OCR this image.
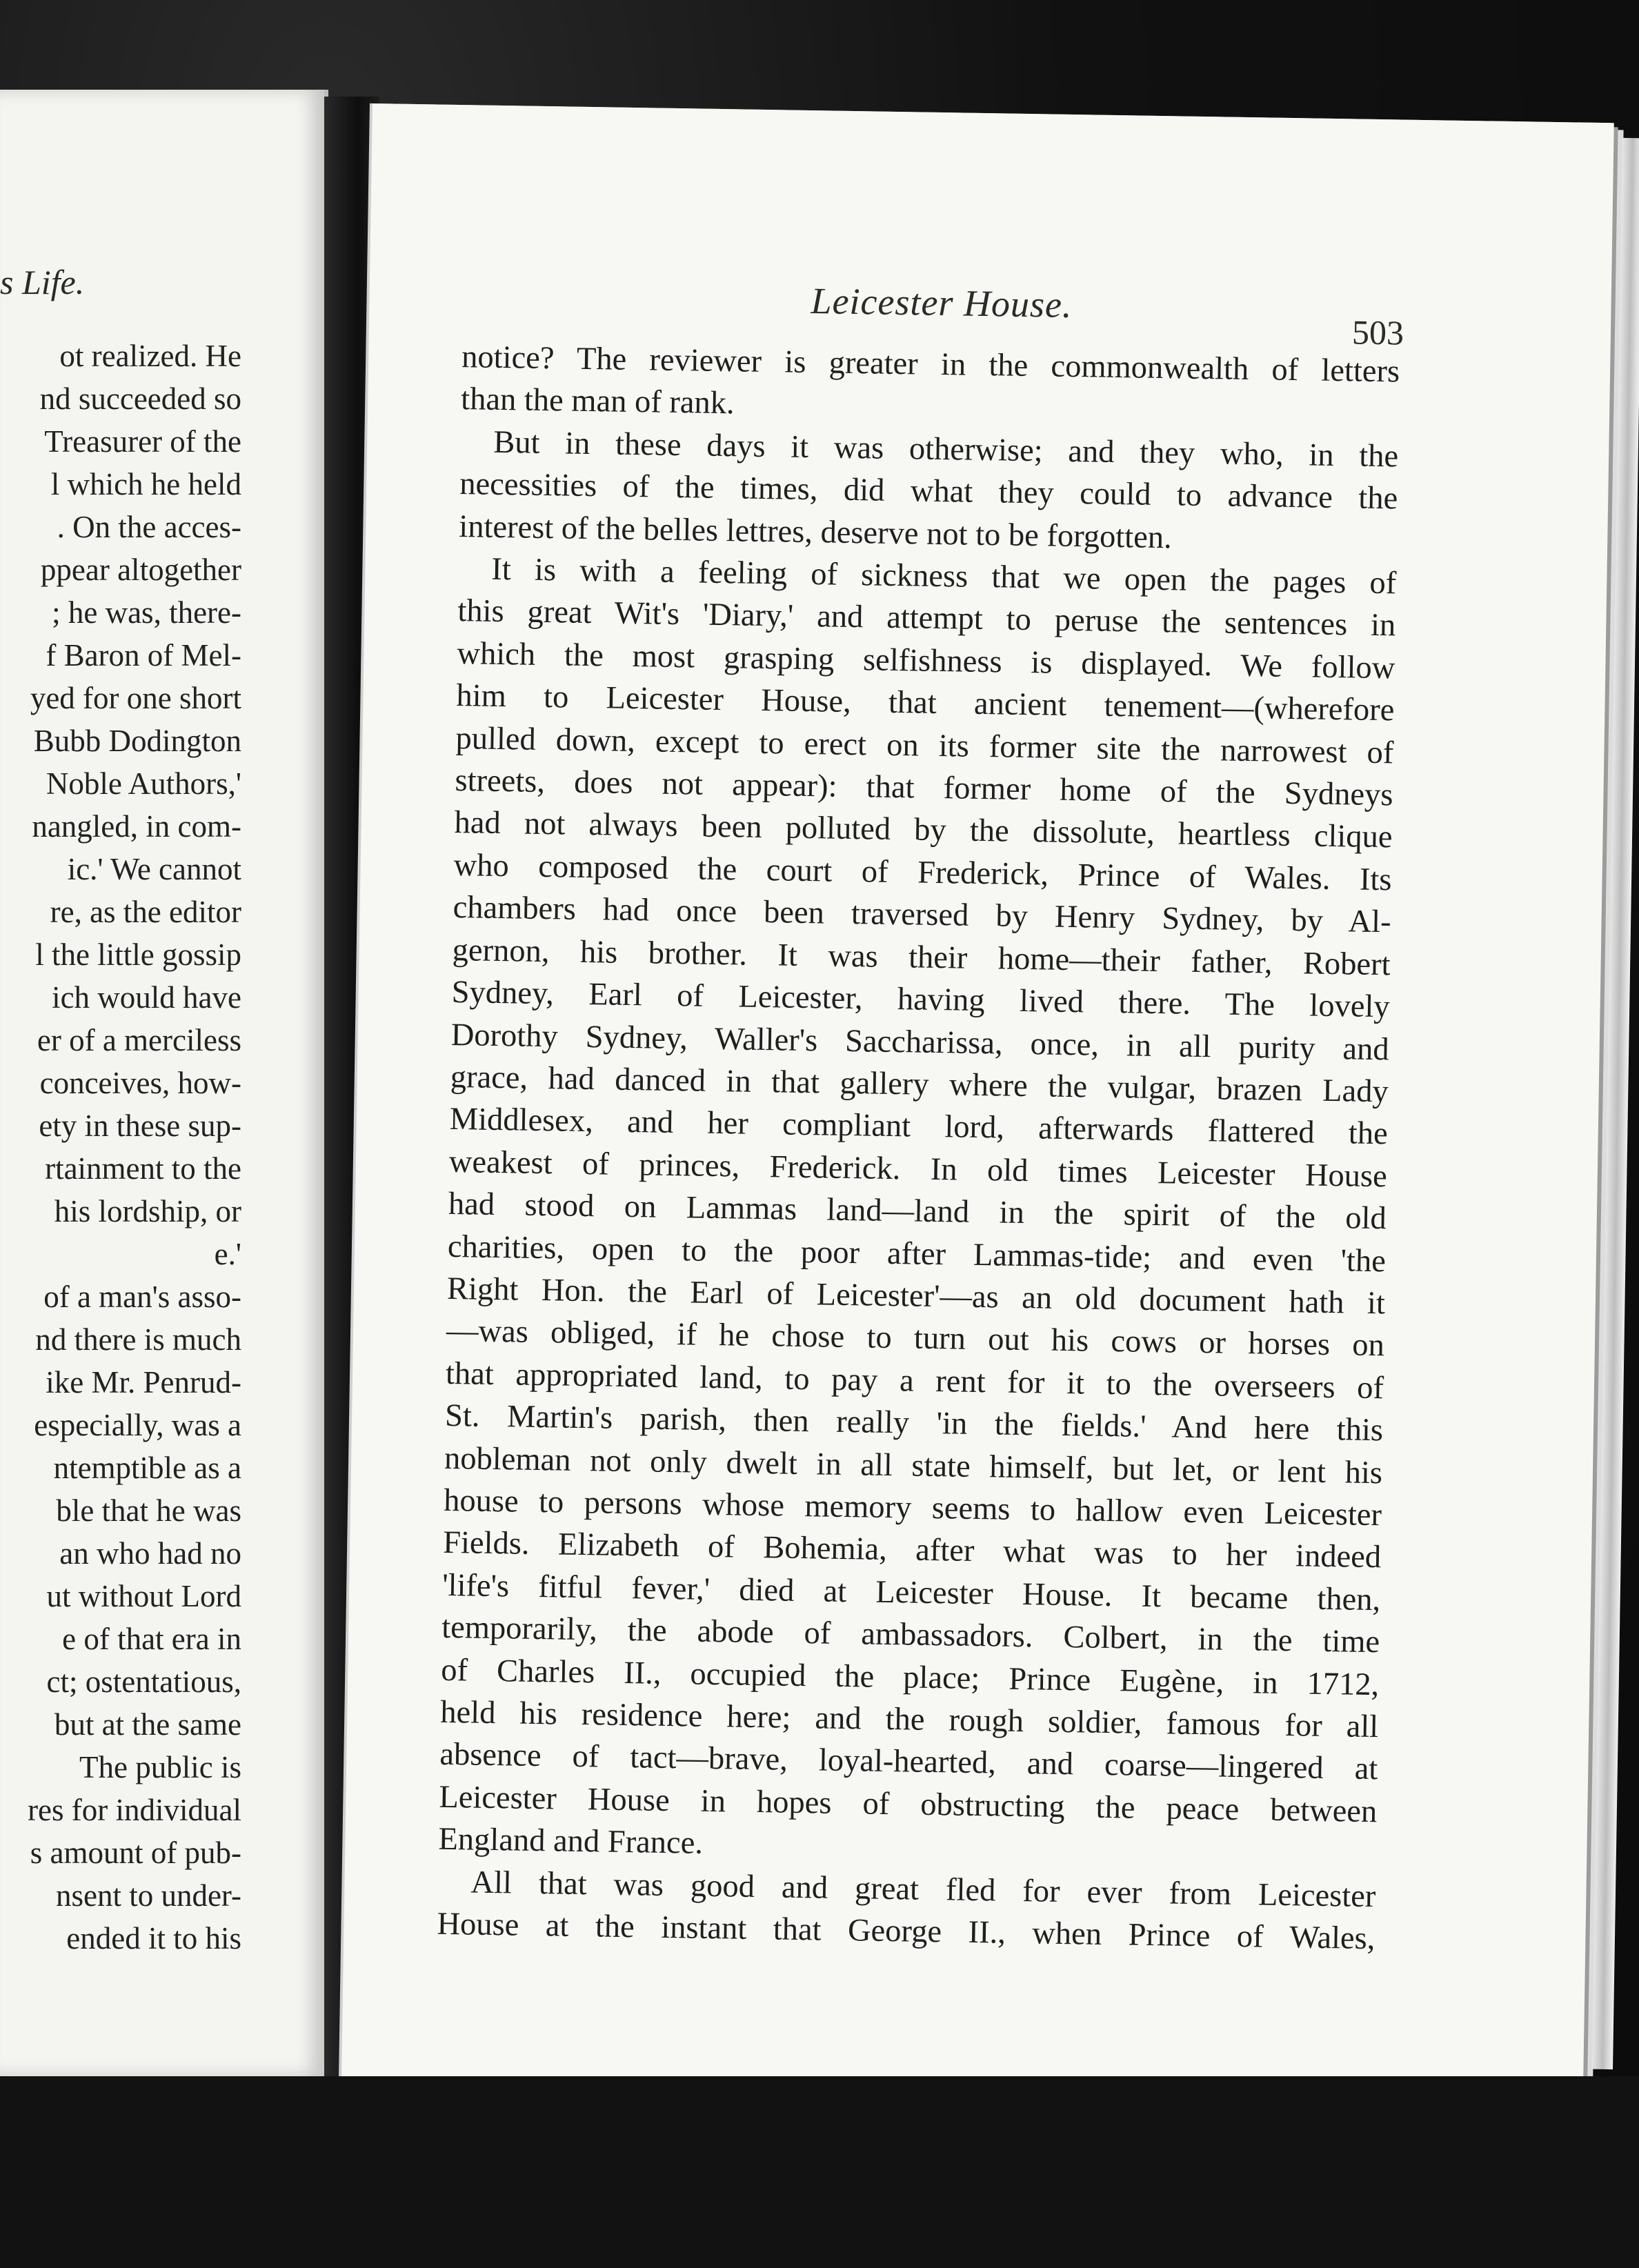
s Life.
ot realized. He
nd succeeded so
Treasurer of the
l which he held
. On the acces-
ppear altogether
; he was, there-
f Baron of Mel-
yed for one short
Bubb Dodington
Noble Authors,'
nangled, in com-
ic.' We cannot
re, as the editor
l the little gossip
ich would have
er of a merciless
conceives, how-
ety in these sup-
rtainment to the
his lordship, or
e.'
of a man's asso-
nd there is much
ike Mr. Penrud-
especially, was a
ntemptible as a
ble that he was
an who had no
ut without Lord
e of that era in
ct; ostentatious,
but at the same
The public is
res for individual
s amount of pub-
nsent to under-
ended it to his
Leicester House.
503
notice? The reviewer is greater in the commonwealth of letters
than the man of rank.
But in these days it was otherwise; and they who, in the
necessities of the times, did what they could to advance the
interest of the belles lettres, deserve not to be forgotten.
It is with a feeling of sickness that we open the pages of
this great Wit's 'Diary,' and attempt to peruse the sentences in
which the most grasping selfishness is displayed. We follow
him to Leicester House, that ancient tenement—(wherefore
pulled down, except to erect on its former site the narrowest of
streets, does not appear): that former home of the Sydneys
had not always been polluted by the dissolute, heartless clique
who composed the court of Frederick, Prince of Wales. Its
chambers had once been traversed by Henry Sydney, by Al-
gernon, his brother. It was their home—their father, Robert
Sydney, Earl of Leicester, having lived there. The lovely
Dorothy Sydney, Waller's Saccharissa, once, in all purity and
grace, had danced in that gallery where the vulgar, brazen Lady
Middlesex, and her compliant lord, afterwards flattered the
weakest of princes, Frederick. In old times Leicester House
had stood on Lammas land—land in the spirit of the old
charities, open to the poor after Lammas-tide; and even 'the
Right Hon. the Earl of Leicester'—as an old document hath it
—was obliged, if he chose to turn out his cows or horses on
that appropriated land, to pay a rent for it to the overseers of
St. Martin's parish, then really 'in the fields.' And here this
nobleman not only dwelt in all state himself, but let, or lent his
house to persons whose memory seems to hallow even Leicester
Fields. Elizabeth of Bohemia, after what was to her indeed
'life's fitful fever,' died at Leicester House. It became then,
temporarily, the abode of ambassadors. Colbert, in the time
of Charles II., occupied the place; Prince Eugène, in 1712,
held his residence here; and the rough soldier, famous for all
absence of tact—brave, loyal-hearted, and coarse—lingered at
Leicester House in hopes of obstructing the peace between
England and France.
All that was good and great fled for ever from Leicester
House at the instant that George II., when Prince of Wales,
